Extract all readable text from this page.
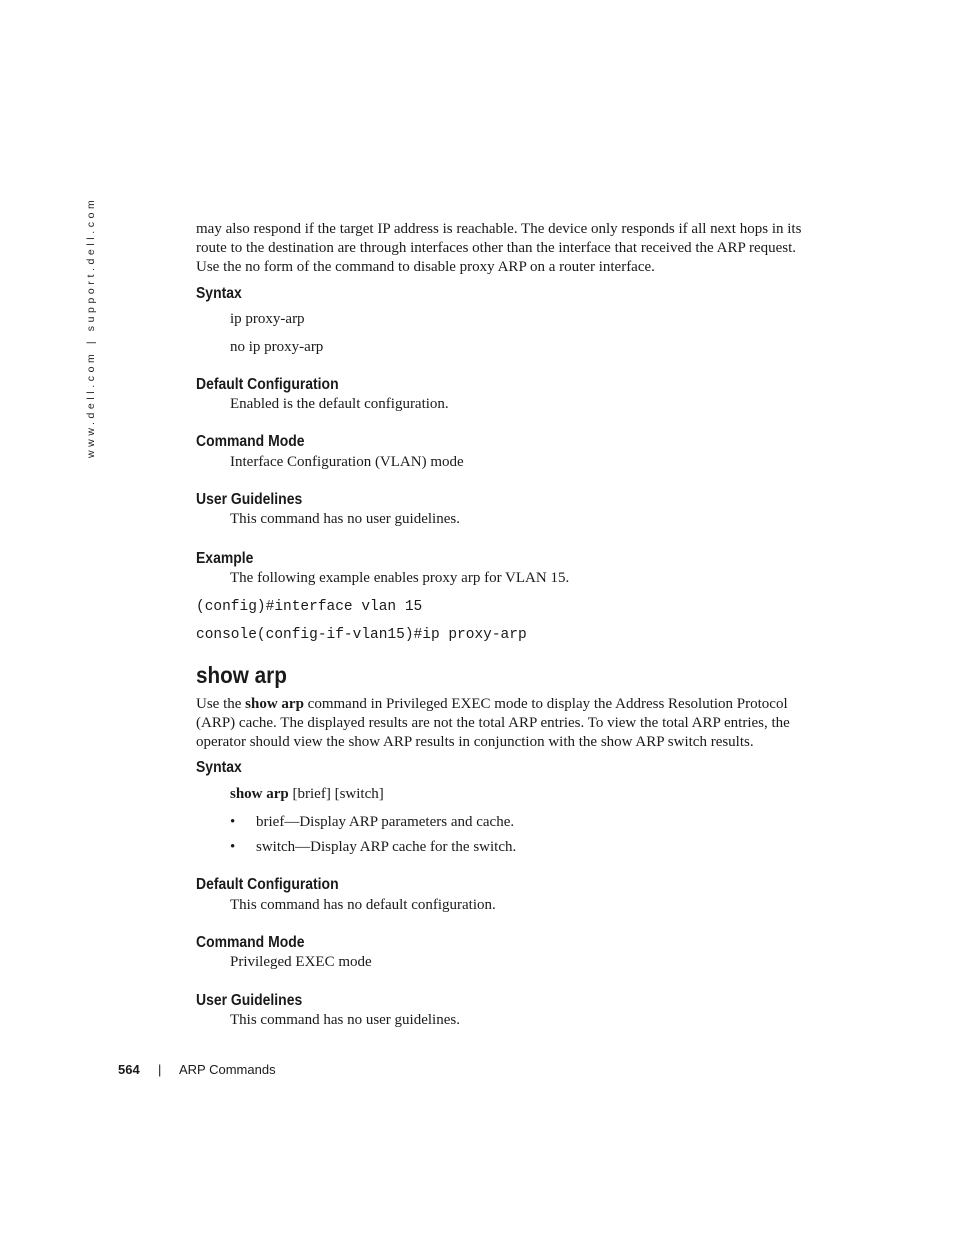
www.dell.com | support.dell.com	may also respond if the target IP address is reachable. The device only responds if all next hops in its route to the destination are through interfaces other than the interface that received the ARP request. Use the no form of the command to disable proxy ARP on a router interface.

Syntax

ip proxy-arp

no ip proxy-arp

Default Configuration

Enabled is the default configuration.

Command Mode

Interface Configuration (VLAN) mode

User Guidelines

This command has no user guidelines.

Example

The following example enables proxy arp for VLAN 15.

(config)#interface vlan 15

console(config-if-vlan15)#ip proxy-arp

show arp

Use the show arp command in Privileged EXEC mode to display the Address Resolution Protocol (ARP) cache. The displayed results are not the total ARP entries. To view the total ARP entries, the operator should view the show ARP results in conjunction with the show ARP switch results.

Syntax

show arp [brief] [switch]

• brief—Display ARP parameters and cache.
• switch—Display ARP cache for the switch.
Default Configuration

This command has no default configuration.

Command Mode

Privileged EXEC mode

User Guidelines

This command has no user guidelines.

564 | ARP Commands
